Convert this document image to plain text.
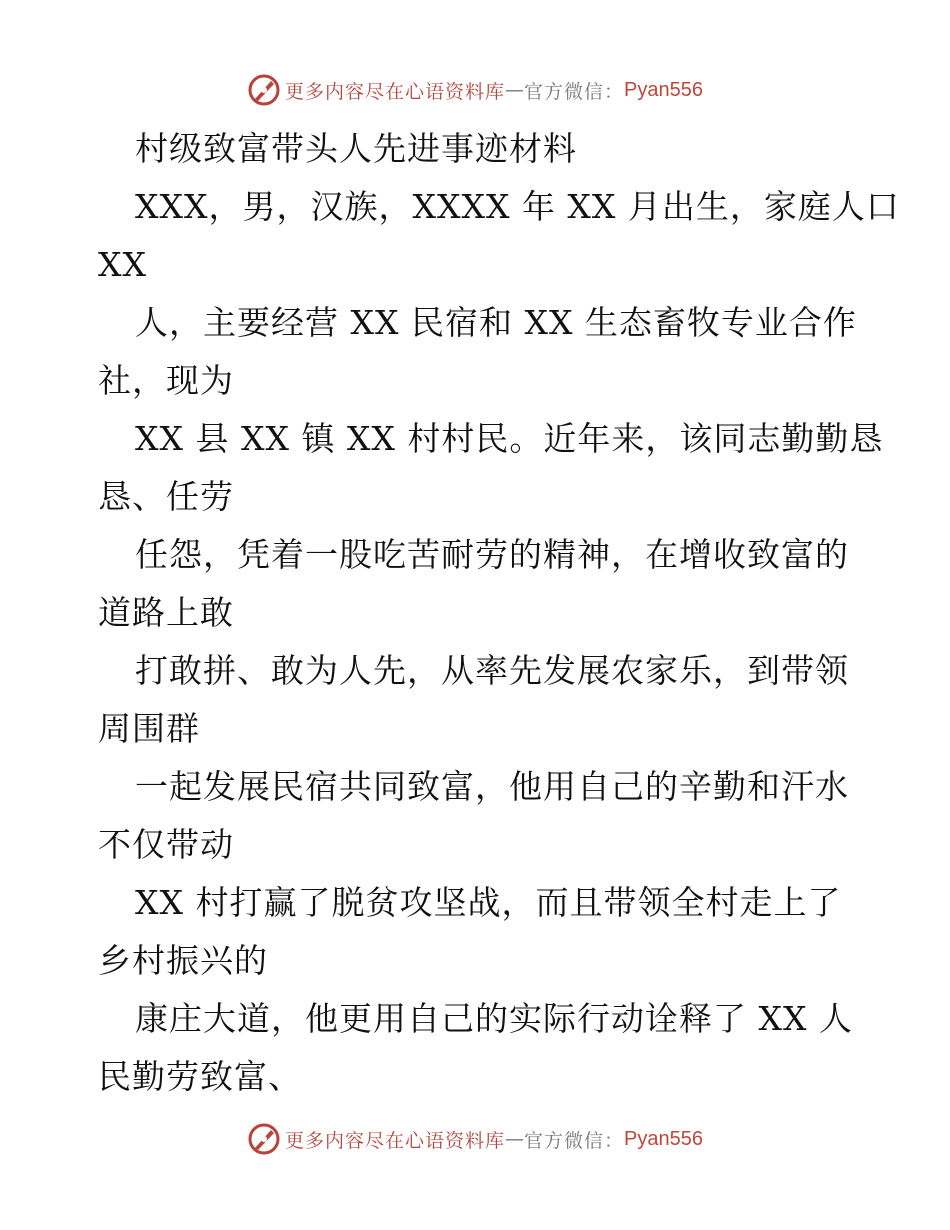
更多内容尽在心语资料库 — 官方微信： Pyan556
村级致富带头人先进事迹材料
XXX，男，汉族，XXXX 年 XX 月出生，家庭人口
XX
人，主要经营 XX 民宿和 XX 生态畜牧专业合作
社，现为
XX 县 XX 镇 XX 村村民。近年来，该同志勤勤恳
恳、任劳
任怨，凭着一股吃苦耐劳的精神，在增收致富的
道路上敢
打敢拼、敢为人先，从率先发展农家乐，到带领
周围群
一起发展民宿共同致富，他用自己的辛勤和汗水
不仅带动
XX 村打赢了脱贫攻坚战，而且带领全村走上了
乡村振兴的
康庄大道，他更用自己的实际行动诠释了 XX 人
民勤劳致富、
更多内容尽在心语资料库 — 官方微信： Pyan556
